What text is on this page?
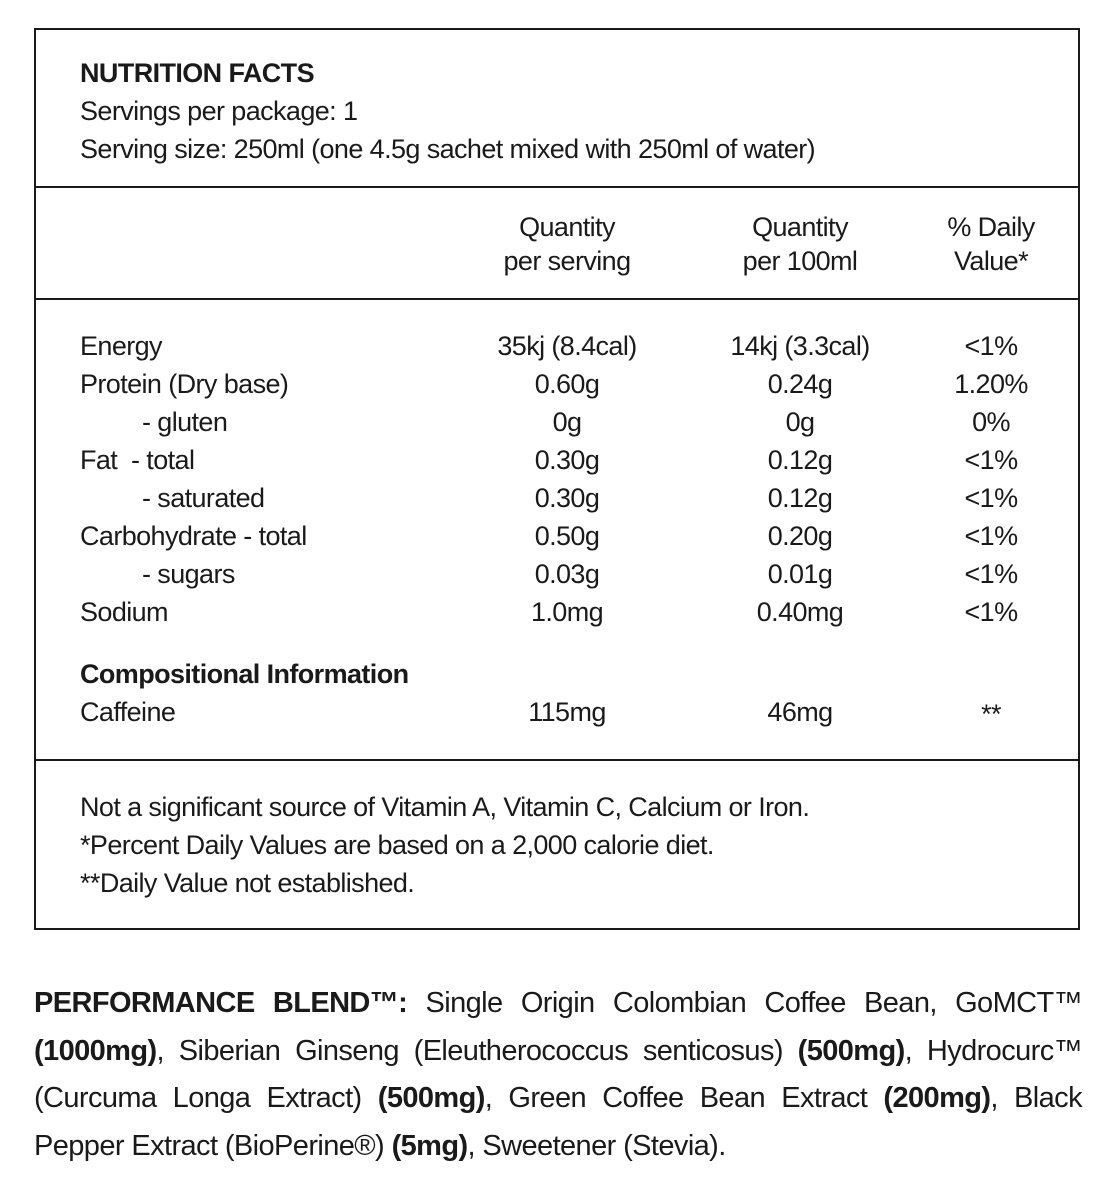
NUTRITION FACTS
Servings per package: 1
Serving size: 250ml (one 4.5g sachet mixed with 250ml of water)
Quantity
per serving
Quantity
per 100ml
% Daily
Value*
Energy	35kj (8.4cal)	14kj (3.3cal)	<1%
Protein (Dry base)	0.60g	0.24g	1.20%
- gluten	0g	0g	0%
Fat  - total	0.30g	0.12g	<1%
- saturated	0.30g	0.12g	<1%
Carbohydrate - total	0.50g	0.20g	<1%
- sugars	0.03g	0.01g	<1%
Sodium	1.0mg	0.40mg	<1%
Compositional Information
Caffeine	115mg	46mg	**
Not a significant source of Vitamin A, Vitamin C, Calcium or Iron.
*Percent Daily Values are based on a 2,000 calorie diet.
**Daily Value not established.
PERFORMANCE BLEND™: Single Origin Colombian Coffee Bean, GoMCT™ (1000mg), Siberian Ginseng (Eleutherococcus senticosus) (500mg), Hydrocurc™ (Curcuma Longa Extract) (500mg), Green Coffee Bean Extract (200mg), Black Pepper Extract (BioPerine®) (5mg), Sweetener (Stevia).
